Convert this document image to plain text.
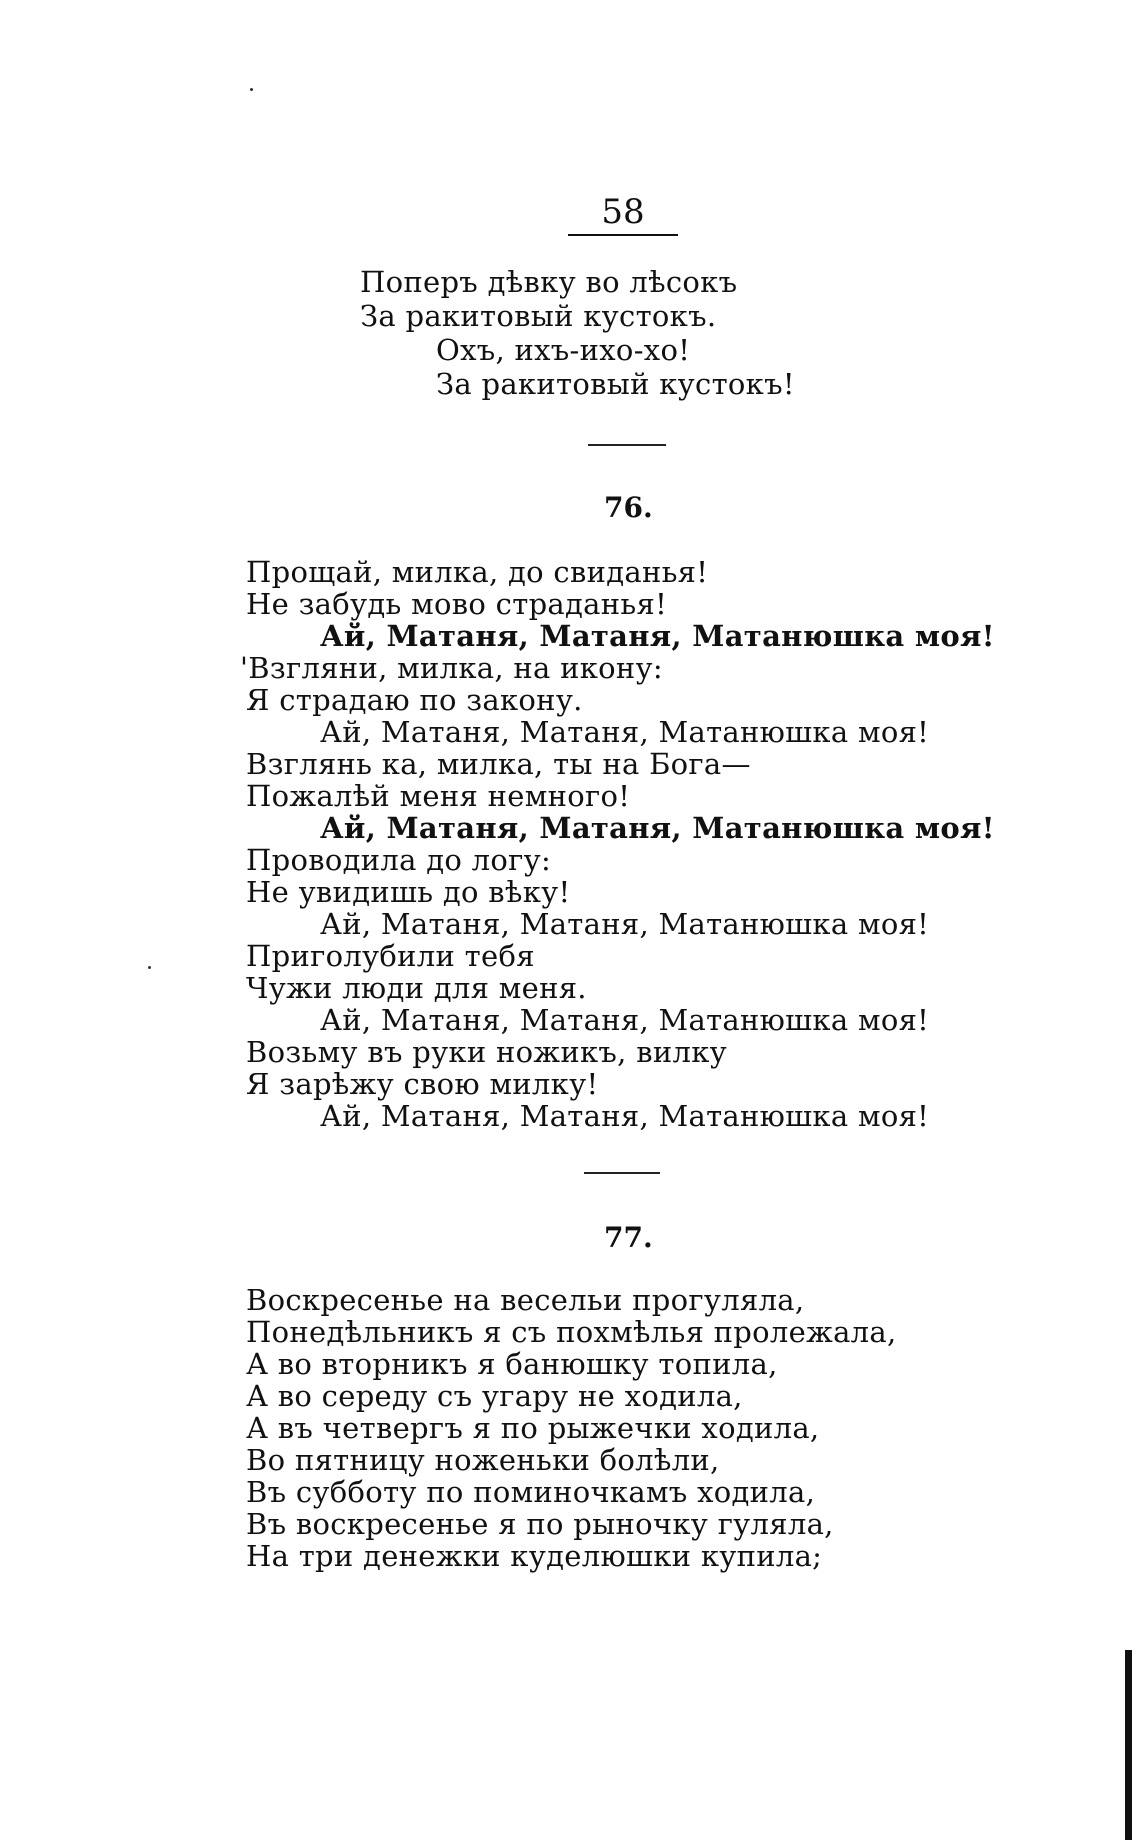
58
Поперъ дѣвку во лѣсокъ
За ракитовый кустокъ.
Охъ, ихъ-ихо-хо!
За ракитовый кустокъ!
76.
Прощай, милка, до свиданья!
Не забудь мово страданья!
Ай, Матаня, Матаня, Матанюшка моя!
'Взгляни, милка, на икону:
Я страдаю по закону.
Ай, Матаня, Матаня, Матанюшка моя!
Взглянь ка, милка, ты на Бога—
Пожалѣй меня немного!
Ай, Матаня, Матаня, Матанюшка моя!
Проводила до логу:
Не увидишь до вѣку!
Ай, Матаня, Матаня, Матанюшка моя!
Приголубили тебя
Чужи люди для меня.
Ай, Матаня, Матаня, Матанюшка моя!
Возьму въ руки ножикъ, вилку
Я зарѣжу свою милку!
Ай, Матаня, Матаня, Матанюшка моя!
77.
Воскресенье на весельи прогуляла,
Понедѣльникъ я съ похмѣлья пролежала,
А во вторникъ я банюшку топила,
А во середу съ угару не ходила,
А въ четвергъ я по рыжечки ходила,
Во пятницу ноженьки болѣли,
Въ субботу по поминочкамъ ходила,
Въ воскресенье я по рыночку гуляла,
На три денежки куделюшки купила;
